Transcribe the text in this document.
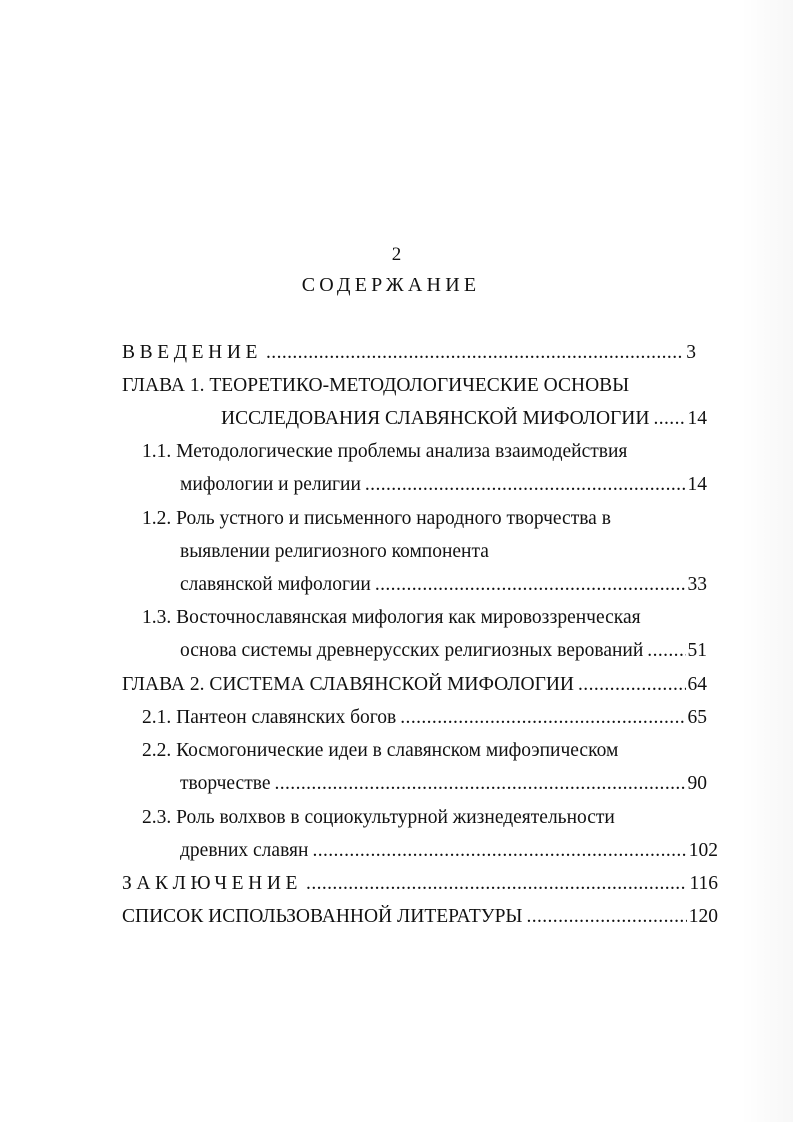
2
СОДЕРЖАНИЕ
ВВЕДЕНИЕ .....	3
ГЛАВА 1. ТЕОРЕТИКО-МЕТОДОЛОГИЧЕСКИЕ ОСНОВЫ
ИССЛЕДОВАНИЯ СЛАВЯНСКОЙ МИФОЛОГИИ ..... 14
1.1. Методологические проблемы анализа взаимодействия
мифологии и религии .....	14
1.2. Роль устного и письменного народного творчества в
выявлении религиозного компонента
славянской мифологии .....	33
1.3. Восточнославянская мифология как мировоззренческая
основа системы древнерусских религиозных верований ..... 51
ГЛАВА 2. СИСТЕМА СЛАВЯНСКОЙ МИФОЛОГИИ .....	64
2.1. Пантеон славянских богов .....	65
2.2. Космогонические идеи в славянском мифоэпическом
творчестве .....	90
2.3. Роль волхвов в социокультурной жизнедеятельности
древних славян .....	102
ЗАКЛЮЧЕНИЕ .....	116
СПИСОК ИСПОЛЬЗОВАННОЙ ЛИТЕРАТУРЫ .....	120
